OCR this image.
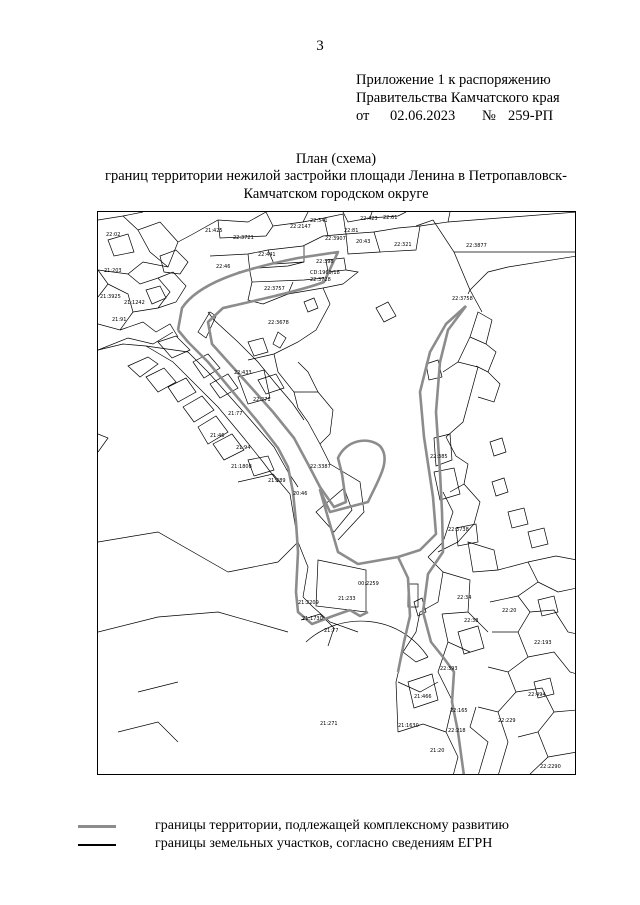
3
Приложение 1 к распоряжению
Правительства Камчатского края
от 02.06.2023 № 259-РП
План (схема)
границ территории нежилой застройки площади Ленина в Петропавловск-
Камчатском городском округе
22:02
21:425
22:3721
22:2147
22:341	22:423
22:81
22:61
22:3907 20:43	22:321	22:3877
22:46
22:441
22:398
CD:1969/18
22:3728
21:203
21:3925
21:1242
21:91
22:3757
22:3678
22:3758
22:433
22:271
21:77
21:46
21:94
21:1808	22:3387
21:289
20:46
22:385
22:3738
00:2259
22:34
22:38
22:20
21:233
21:2209
21:1730
21:77
22:193
22:393
21:466
22:165
21:1630
22:218
22:229
22:494
21:20
22:2290
21:271
границы территории, подлежащей комплексному развитию
границы земельных участков, согласно сведениям ЕГРН
